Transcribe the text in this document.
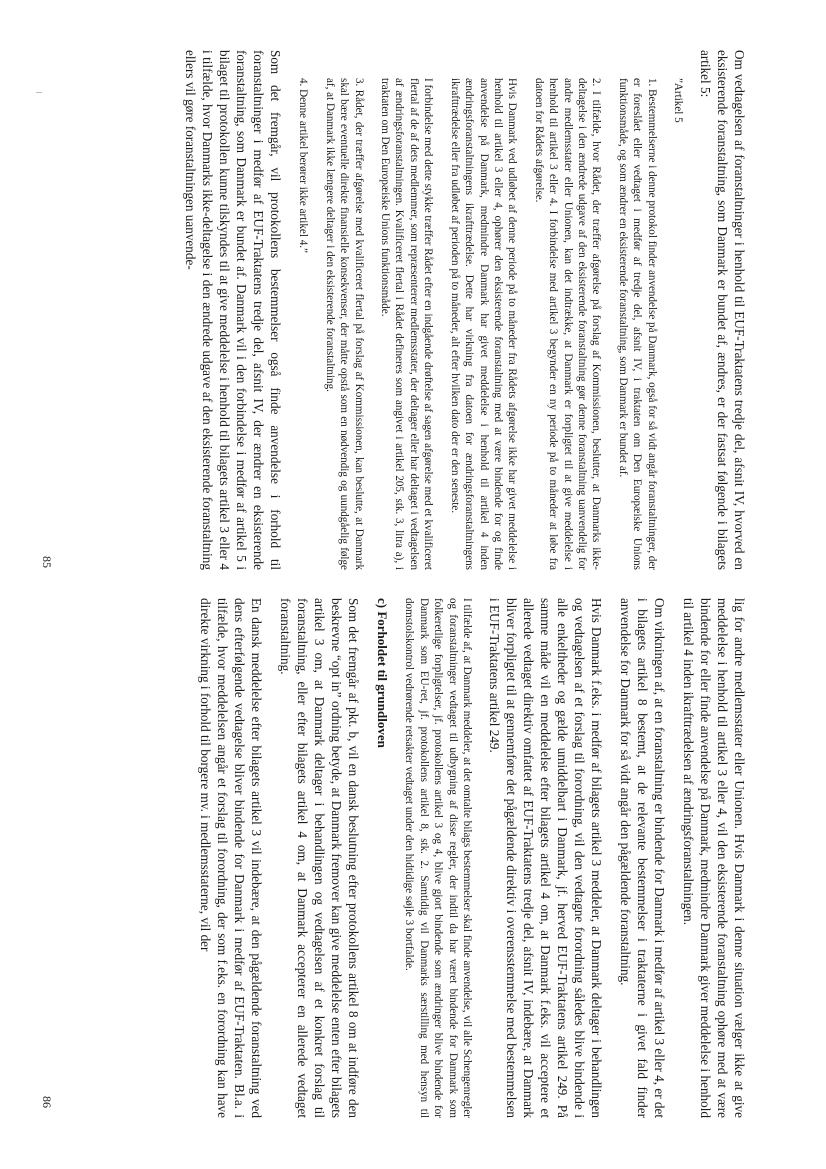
Om vedtagelsen af foranstaltninger i henhold til EUF-Traktatens tredje del, afsnit IV, hvorved en eksisterende foranstaltning, som Danmark er bundet af, ændres, er der fastsat følgende i bilagets artikel 5:

”Artikel 5

1. Bestemmelserne i denne protokol finder anvendelse på Danmark, også for så vidt angår foranstaltninger, der er foreslået eller vedtaget i medfør af tredje del, afsnit IV, i traktaten om Den Europæiske Unions funktionsmåde, og som ændrer en eksisterende foranstaltning, som Danmark er bundet af.

2. I tilfælde, hvor Rådet, der træffer afgørelse på forslag af Kommissionen, beslutter, at Danmarks ikke-deltagelse i den ændrede udgave af den eksisterende foranstaltning gør denne foranstaltning uanvendelig for andre medlemsstater eller Unionen, kan det indtrække, at Danmark er forpligtet til at give meddelelse i henhold til artikel 3 eller 4. I forbindelse med artikel 3 begynder en ny periode på to måneder at løbe fra datoen for Rådets afgørelse.

Hvis Danmark ved udløbet af denne periode på to måneder fra Rådets afgørelse ikke har givet meddelelse i henhold til artikel 3 eller 4, ophører den eksisterende foranstaltning med at være bindende for og finde anvendelse på Danmark, medmindre Danmark har givet meddelelse i henhold til artikel 4 inden ændringsforanstaltningens ikrafttrædelse. Dette har virkning fra datoen for ændringsforanstaltningens ikrafttrædelse eller fra udløbet af perioden på to måneder, alt efter hvilken dato der er den seneste.

I forbindelse med dette stykke træffer Rådet efter en indgående drøftelse af sagen afgørelse med et kvalificeret flertal af de af dets medlemmer, som repræsenterer medlemsstater, der deltager eller har deltaget i vedtagelsen af ændringsforanstaltningen. Kvalificeret flertal i Rådet defineres som angivet i artikel 205, stk. 3, litra a), i traktaten om Den Europæiske Unions funktionsmåde.

3. Rådet, der træffer afgørelse med kvalificeret flertal på forslag af Kommissionen, kan beslutte, at Danmark skal bære eventuelle direkte finansielle konsekvenser, der måtte opstå som en nødvendig og uundgåelig følge af, at Danmark ikke længere deltager i den eksisterende foranstaltning.

4. Denne artikel berører ikke artikel 4.”

Som det fremgår, vil protokollens bestemmelser også finde anvendelse i forhold til foranstaltninger i medfør af EUF-Traktatens tredje del, afsnit IV, der ændrer en eksisterende foranstaltning, som Danmark er bundet af. Danmark vil i den forbindelse i medfør af artikel 5 i bilaget til protokollen kunne tilskyndes til at give meddelelse i henhold til bilagets artikel 3 eller 4 i tilfælde, hvor Danmarks ikke-deltagelse i den ændrede udgave af den eksisterende foranstaltning ellers vil gøre foranstaltningen uanvende-

85

lig for andre medlemsstater eller Unionen. Hvis Danmark i denne situation vælger ikke at give meddelelse i henhold til artikel 3 eller 4, vil den eksisterende foranstaltning ophøre med at være bindende for eller finde anvendelse på Danmark, medmindre Danmark giver meddelelse i henhold til artikel 4 inden ikrafttrædelsen af ændringsforanstaltningen.

Om virkningen af, at en foranstaltning er bindende for Danmark i medfør af artikel 3 eller 4, er det i bilagets artikel 8 bestemt, at de relevante bestemmelser i traktaterne i givet fald finder anvendelse for Danmark for så vidt angår den pågældende foranstaltning.

Hvis Danmark f.eks. i medfør af bilagets artikel 3 meddeler, at Danmark deltager i behandlingen og vedtagelsen af et forslag til forordning, vil den vedtagne forordning således blive bindende i alle enkeltheder og gælde umiddelbart i Danmark, jf. herved EUF-Traktatens artikel 249. På samme måde vil en meddelelse efter bilagets artikel 4 om, at Danmark f.eks. vil acceptere et allerede vedtaget direktiv omfattet af EUF-Traktatens tredje del, afsnit IV, indebære, at Danmark bliver forpligtet til at gennemføre det pågældende direktiv i overensstemmelse med bestemmelsen i EUF-Traktatens artikel 249.

I tilfælde af, at Danmark meddeler, at det omtalte bilags bestemmelser skal finde anvendelse, vil alle Schengenregler og foranstaltninger vedtaget til udbygning af disse regler, der indtil da har været bindende for Danmark som folkeretlige forpligtelser, jf. protokollens artikel 3 og 4, blive gjort bindende som ændringer blive bindende for Danmark som EU-ret, jf. protokollens artikel 8, stk. 2. Samtidig vil Danmarks særstilling med hensyn til domstolskontrol vedrørende retsakter vedtaget under den hidtidige søjle 3 bortfalde.

c) Forholdet til grundloven

Som det fremgår af pkt. b, vil en dansk beslutning efter protokollens artikel 8 om at indføre den beskrevne “opt in” ordning betyde, at Danmark fremover kan give meddelelse enten efter bilagets artikel 3 om, at Danmark deltager i behandlingen og vedtagelsen af et konkret forslag til foranstaltning, eller efter bilagets artikel 4 om, at Danmark accepterer en allerede vedtaget foranstaltning.

En dansk meddelelse efter bilagets artikel 3 vil indebære, at den pågældende foranstaltning ved dens efterfølgende vedtagelse bliver bindende for Danmark i medfør af EUF-Traktaten. Bl.a. i tilfælde, hvor meddelelsen angår et forslag til forordning, der som f.eks. en forordning kan have direkte virkning i forhold til borgere mv. i medlemsstaterne, vil der

86
